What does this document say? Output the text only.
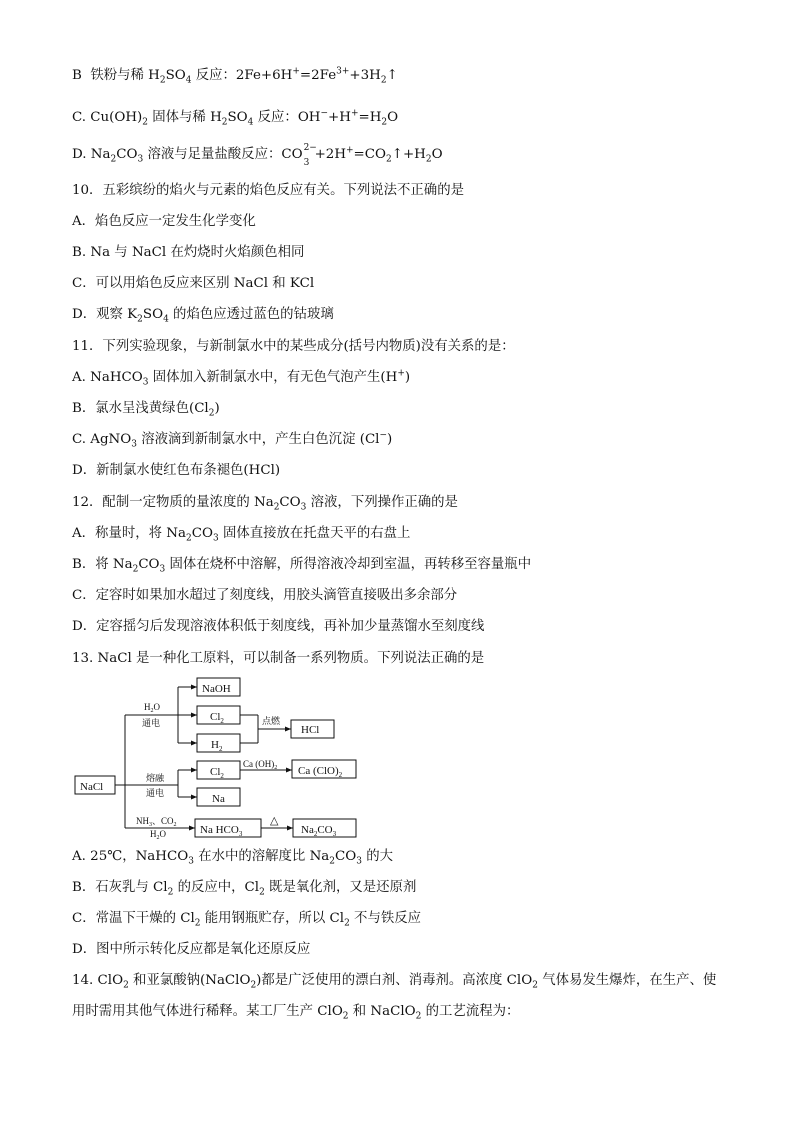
B 铁粉与稀 $H_2SO_4$ 反应：$2Fe+6H^+=2Fe^{3+}+3H_2↑$
C. $Cu(OH)_2$ 固体与稀 $H_2SO_4$ 反应：$OH^-+H^+=H_2O$
D. $Na_2CO_3$ 溶液与足量盐酸反应：CO 2−
3
$+2H^+=CO_2↑+H_2O$
10．五彩缤纷的焰火与元素的焰色反应有关。下列说法不正确的是
A．焰色反应一定发生化学变化
B. Na 与 NaCl 在灼烧时火焰颜色相同
C．可以用焰色反应来区别 NaCl 和 KCl
D．观察 $K_2SO_4$ 的焰色应透过蓝色的钴玻璃
11．下列实验现象，与新制氯水中的某些成分(括号内物质)没有关系的是：
A. NaHCO$_3$ 固体加入新制氯水中，有无色气泡产生(H+)
B．氯水呈浅黄绿色$(Cl_2)$
C. AgNO$_3$ 溶液滴到新制氯水中，产生白色沉淀 (Cl−)
D．新制氯水使红色布条褪色(HCl)
12．配制一定物质的量浓度的 $Na_2CO_3$ 溶液，下列操作正确的是
A．称量时，将 $Na_2CO_3$ 固体直接放在托盘天平的右盘上
B．将 $Na_2CO_3$ 固体在烧杯中溶解，所得溶液冷却到室温，再转移至容量瓶中
C．定容时如果加水超过了刻度线，用胶头滴管直接吸出多余部分
D．定容摇匀后发现溶液体积低于刻度线，再补加少量蒸馏水至刻度线
13. NaCl 是一种化工原料，可以制备一系列物质。下列说法正确的是
NaCl
NaOH
$Cl_2$
$H_2$
HCl
$Cl_2$
Na
Ca $(ClO)_2$
Na $HCO_3$	$Na_2CO_3$
$H_2O$
通电
熔融
通电
$NH_3$、$CO_2$
$H_2O$
点燃
Ca $(OH)_2$
△
A. 25℃，NaHCO$_3$ 在水中的溶解度比 $Na_2CO_3$ 的大
B．石灰乳与 $Cl_2$ 的反应中，$Cl_2$ 既是氧化剂，又是还原剂
C．常温下干燥的 $Cl_2$ 能用钢瓶贮存，所以 $Cl_2$ 不与铁反应
D．图中所示转化反应都是氧化还原反应
14. ClO$_2$ 和亚氯酸钠(NaClO$_2$)都是广泛使用的漂白剂、消毒剂。高浓度 ClO$_2$ 气体易发生爆炸，在生产、使
用时需用其他气体进行稀释。某工厂生产 ClO$_2$ 和 NaClO$_2$ 的工艺流程为：
